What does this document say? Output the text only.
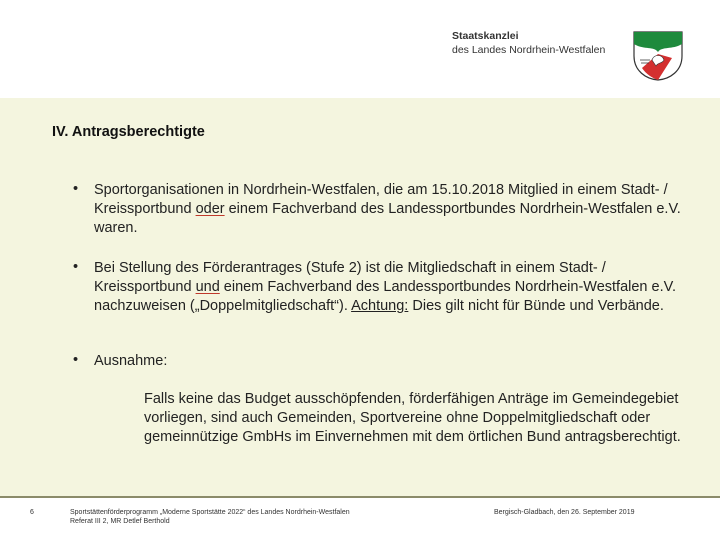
Staatskanzlei
des Landes Nordrhein-Westfalen
IV. Antragsberechtigte
• Sportorganisationen in Nordrhein-Westfalen, die am 15.10.2018 Mitglied in einem Stadt- / Kreissportbund oder einem Fachverband des Landessportbundes Nordrhein-Westfalen e.V. waren.
• Bei Stellung des Förderantrages (Stufe 2) ist die Mitgliedschaft in einem Stadt- / Kreissportbund und einem Fachverband des Landessportbundes Nordrhein-Westfalen e.V. nachzuweisen („Doppelmitgliedschaft“). Achtung: Dies gilt nicht für Bünde und Verbände.
• Ausnahme:
Falls keine das Budget ausschöpfenden, förderfähigen Anträge im Gemeindegebiet vorliegen, sind auch Gemeinden, Sportvereine ohne Doppelmitgliedschaft oder gemeinnützige GmbHs im Einvernehmen mit dem örtlichen Bund antragsberechtigt.
6	Sportstättenförderprogramm „Moderne Sportstätte 2022“ des Landes Nordrhein-Westfalen
Referat III 2, MR Detlef Berthold
Bergisch-Gladbach, den 26. September 2019
